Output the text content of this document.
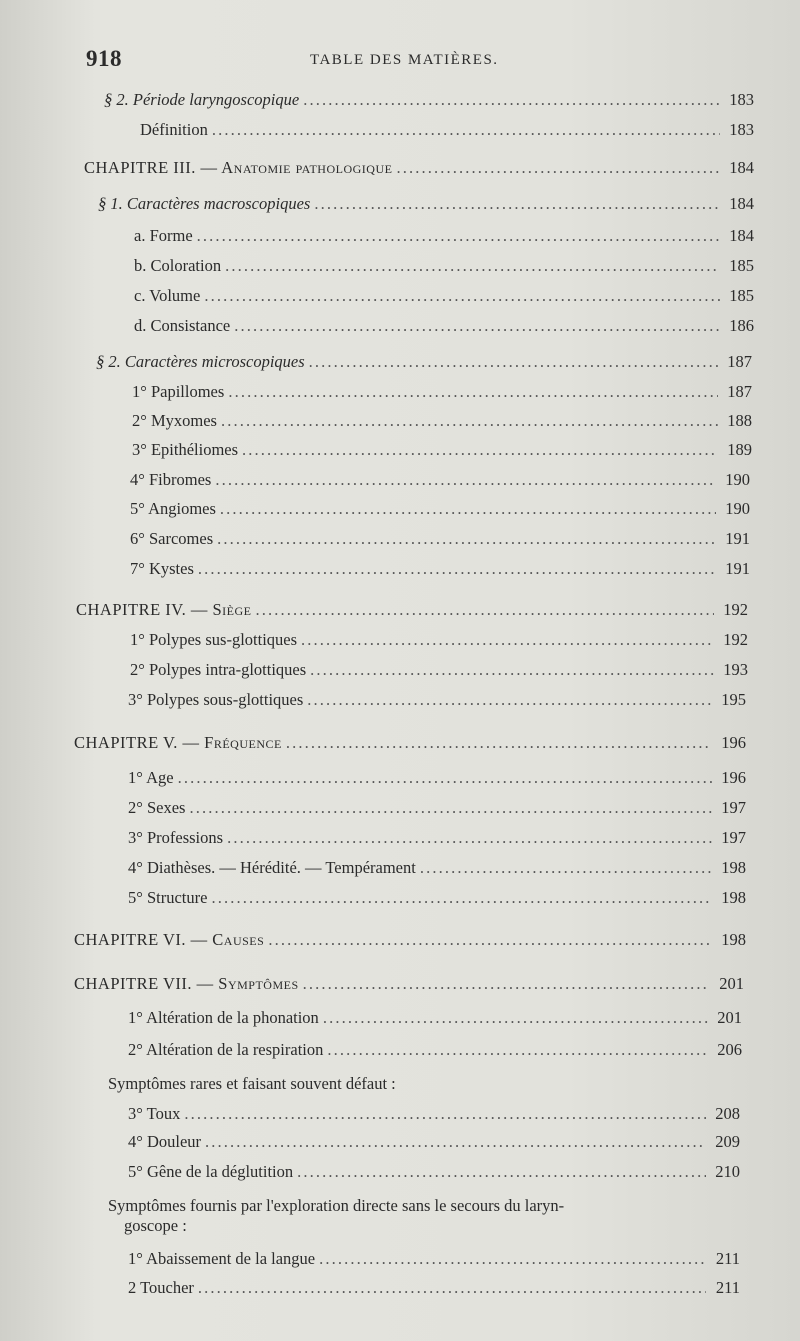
918	TABLE DES MATIÈRES.
§ 2. Période laryngoscopique . . .	183
Définition . . .	183
CHAPITRE III. — Anatomie pathologique . . .	184
§ 1. Caractères macroscopiques . . .	184
a. Forme . . .	184
b. Coloration . . .	185
c. Volume . . .	185
d. Consistance . . .	186
§ 2. Caractères microscopiques . . .	187
1° Papillomes . . .	187
2° Myxomes . . .	188
3° Epithéliomes . . .	189
4° Fibromes . . .	190
5° Angiomes . . .	190
6° Sarcomes . . .	191
7° Kystes . . .	191
CHAPITRE IV. — Siège . . .	192
1° Polypes sus-glottiques . . .	192
2° Polypes intra-glottiques . . .	193
3° Polypes sous-glottiques . . .	195
CHAPITRE V. — Fréquence . . .	196
1° Age . . .	196
2° Sexes . . .	197
3° Professions . . .	197
4° Diathèses. — Hérédité. — Tempérament . . .	198
5° Structure . . .	198
CHAPITRE VI. — Causes . . .	198
CHAPITRE VII. — Symptômes . . .	201
1° Altération de la phonation . . .	201
2° Altération de la respiration . . .	206
Symptômes rares et faisant souvent défaut :
3° Toux . . .	208
4° Douleur . . .	209
5° Gêne de la déglutition . . .	210
Symptômes fournis par l'exploration directe sans le secours du laryn-
goscope :
1° Abaissement de la langue . . .	211
2 Toucher . . .	211
